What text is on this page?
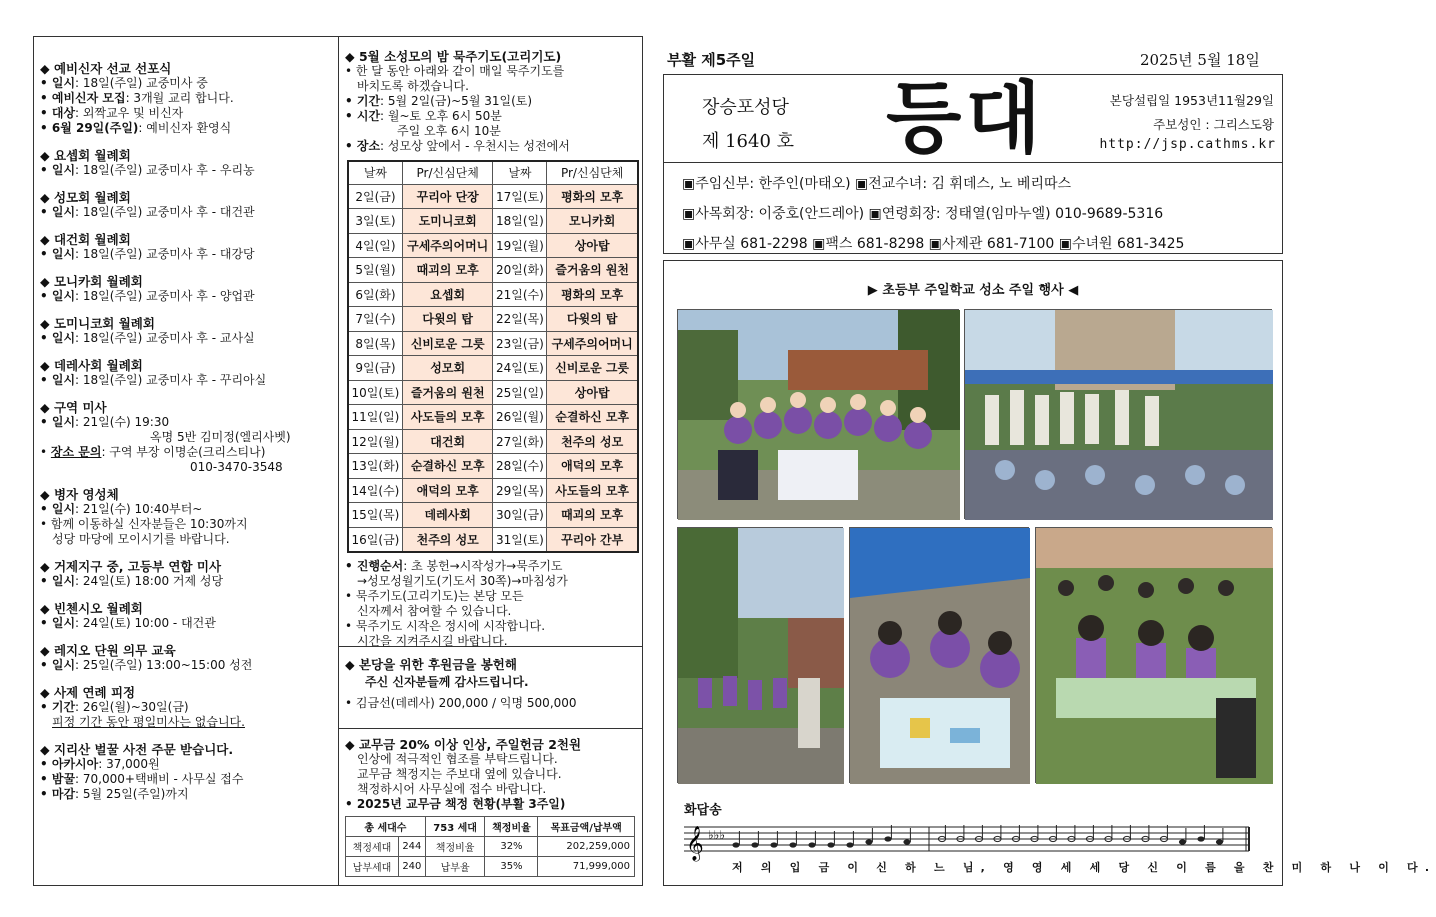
◆ 예비신자 선교 선포식
• 일시: 18일(주일) 교중미사 중
• 예비신자 모집: 3개월 교리 합니다.
• 대상: 외짝교우 및 비신자
• 6월 29일(주일): 예비신자 환영식
◆ 요셉회 월례회
• 일시: 18일(주일) 교중미사 후 - 우리농
◆ 성모회 월례회
• 일시: 18일(주일) 교중미사 후 - 대건관
◆ 대건회 월례회
• 일시: 18일(주일) 교중미사 후 - 대강당
◆ 모니카회 월례회
• 일시: 18일(주일) 교중미사 후 - 양업관
◆ 도미니코회 월례회
• 일시: 18일(주일) 교중미사 후 - 교사실
◆ 데레사회 월례회
• 일시: 18일(주일) 교중미사 후 - 꾸리아실
◆ 구역 미사
• 일시: 21일(수) 19:30
옥명 5반 김미정(엘리사벳)
• 장소 문의: 구역 부장 이명순(크리스티나)
010-3470-3548
◆ 병자 영성체
• 일시: 21일(수) 10:40부터~
• 함께 이동하실 신자분들은 10:30까지
성당 마당에 모이시기를 바랍니다.
◆ 거제지구 중, 고등부 연합 미사
• 일시: 24일(토) 18:00 거제 성당
◆ 빈첸시오 월례회
• 일시: 24일(토) 10:00 - 대건관
◆ 레지오 단원 의무 교육
• 일시: 25일(주일) 13:00~15:00 성전
◆ 사제 연례 피정
• 기간: 26일(월)~30일(금)
피정 기간 동안 평일미사는 없습니다.
◆ 지리산 벌꿀 사전 주문 받습니다.
• 아카시아: 37,000원
• 밤꿀: 70,000+택배비 - 사무실 접수
• 마감: 5월 25일(주일)까지
◆ 5월 소성모의 밤 묵주기도(고리기도)
• 한 달 동안 아래와 같이 매일 묵주기도를
바치도록 하겠습니다.
• 기간: 5월 2일(금)~5월 31일(토)
• 시간: 월~토 오후 6시 50분
주일 오후 6시 10분
• 장소: 성모상 앞에서 - 우천시는 성전에서
날짜	Pr/신심단체	날짜	Pr/신심단체
2일(금)	꾸리아 단장	17일(토)	평화의 모후
3일(토)	도미니코회	18일(일)	모니카회
4일(일)	구세주의어머니	19일(월)	상아탑
5일(월)	때괴의 모후	20일(화)	즐거움의 원천
6일(화)	요셉회	21일(수)	평화의 모후
7일(수)	다윗의 탑	22일(목)	다윗의 탑
8일(목)	신비로운 그릇	23일(금)	구세주의어머니
9일(금)	성모회	24일(토)	신비로운 그릇
10일(토)	즐거움의 원천	25일(일)	상아탑
11일(일)	사도들의 모후	26일(월)	순결하신 모후
12일(월)	대건회	27일(화)	천주의 성모
13일(화)	순결하신 모후	28일(수)	애덕의 모후
14일(수)	애덕의 모후	29일(목)	사도들의 모후
15일(목)	데레사회	30일(금)	때괴의 모후
16일(금)	천주의 성모	31일(토)	꾸리아 간부
• 진행순서: 초 봉헌→시작성가→묵주기도
→성모성월기도(기도서 30쪽)→마침성가
• 묵주기도(고리기도)는 본당 모든
신자께서 참여할 수 있습니다.
• 묵주기도 시작은 정시에 시작합니다.
시간을 지켜주시길 바랍니다.
◆ 본당을 위한 후원금을 봉헌해
주신 신자분들께 감사드립니다.
• 김금선(데레사) 200,000 / 익명 500,000
◆ 교무금 20% 이상 인상, 주일헌금 2천원
인상에 적극적인 협조를 부탁드립니다.
교무금 책정지는 주보대 옆에 있습니다.
책정하시어 사무실에 접수 바랍니다.
• 2025년 교무금 책정 현황(부활 3주일)
총 세대수		753 세대	책정비율	목표금액/납부액
책정세대	244	책정비율	32%	202,259,000
납부세대	240	납부율	35%	71,999,000
부활 제5주일	2025년 5월 18일
장승포성당
제 1640 호 등대	본당설립일 1953년11월29일
주보성인 : 그리스도왕
http://jsp.cathms.kr
▣주임신부: 한주인(마태오) ▣전교수녀: 김 휘데스, 노 베리따스
▣사목회장: 이중호(안드레아) ▣연령회장: 정태열(임마누엘) 010-9689-5316
▣사무실 681-2298 ▣팩스 681-8298 ▣사제관 681-7100 ▣수녀원 681-3425
▶ 초등부 주일학교 성소 주일 행사 ◀
화답송
𝄞 ♭♭♭
저 의 입 금 이 신 하 느 님, 영 영 세 세 당 신 이 름 을 찬 미 하 나 이 다.
